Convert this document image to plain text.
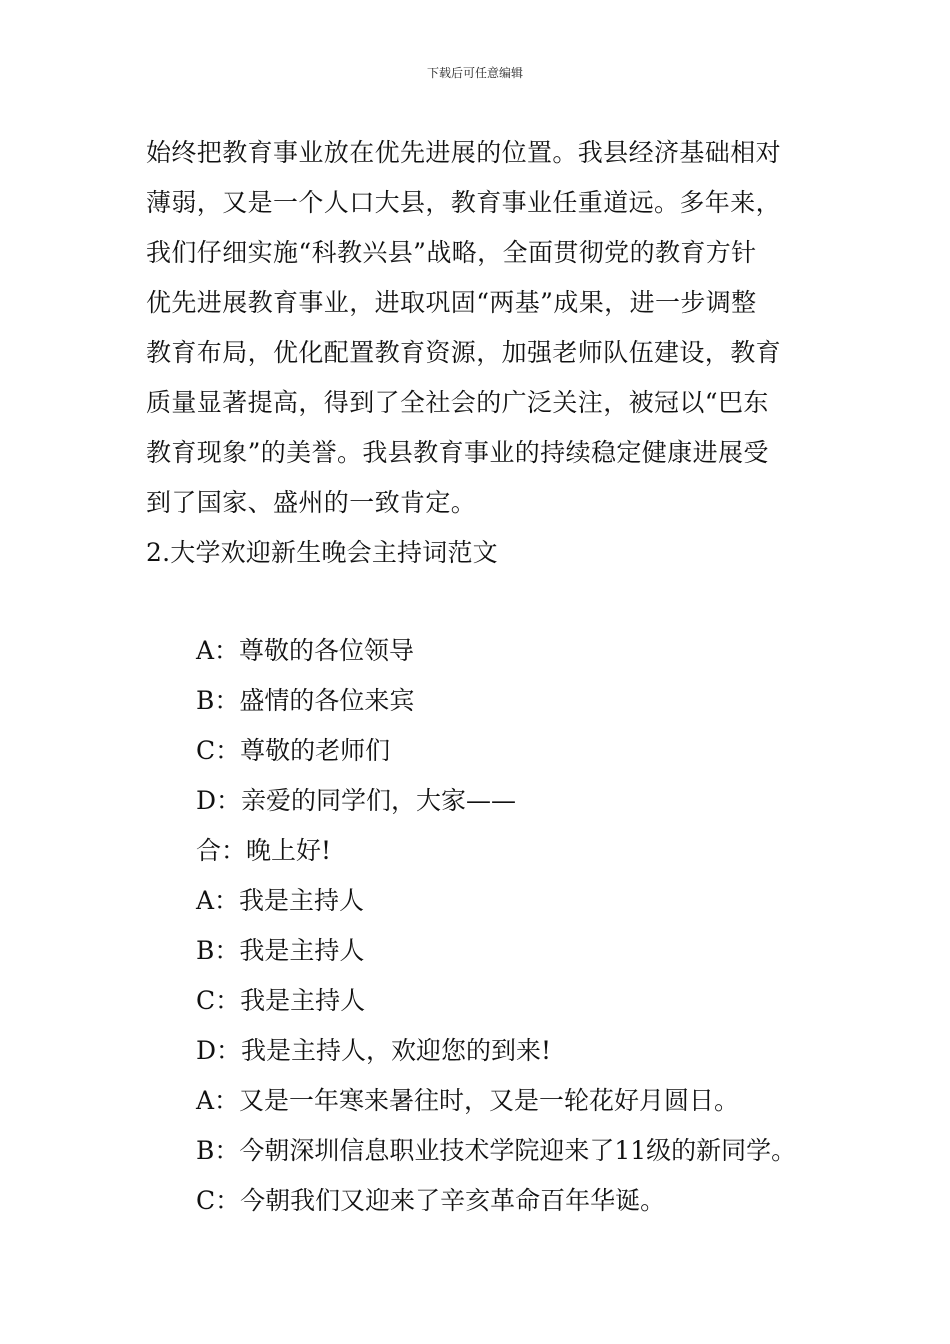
下载后可任意编辑

始终把教育事业放在优先进展的位置。我县经济基础相对

薄弱，又是一个人口大县，教育事业任重道远。多年来，

我们仔细实施“科教兴县”战略，全面贯彻党的教育方针

优先进展教育事业，进取巩固“两基”成果，进一步调整

教育布局，优化配置教育资源，加强老师队伍建设，教育

质量显著提高，得到了全社会的广泛关注，被冠以“巴东

教育现象”的美誉。我县教育事业的持续稳定健康进展受

到了国家、盛州的一致肯定。

2.大学欢迎新生晚会主持词范文

A：尊敬的各位领导

B：盛情的各位来宾

C：尊敬的老师们

D：亲爱的同学们，大家——

合：晚上好!

A：我是主持人

B：我是主持人

C：我是主持人

D：我是主持人，欢迎您的到来!

A：又是一年寒来暑往时，又是一轮花好月圆日。

B：今朝深圳信息职业技术学院迎来了11级的新同学。

C：今朝我们又迎来了辛亥革命百年华诞。
